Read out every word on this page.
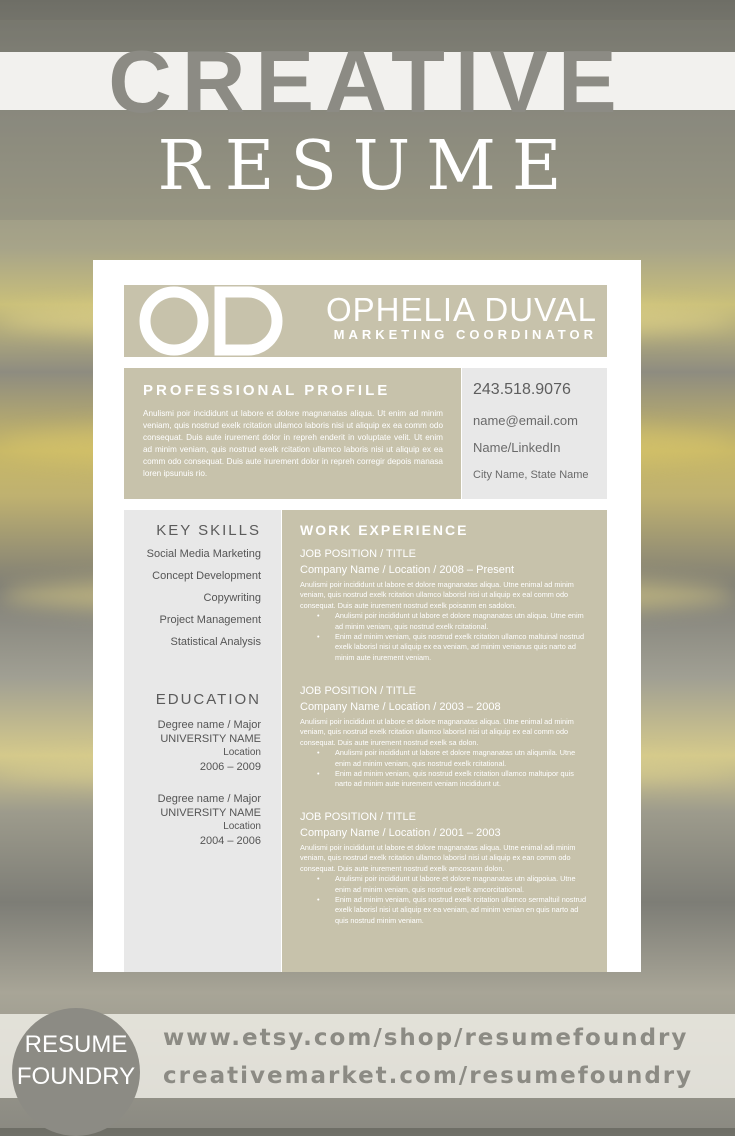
CREATIVE
RESUME
OD
OPHELIA DUVAL
MARKETING COORDINATOR
PROFESSIONAL PROFILE
Anulismi poir incididunt ut labore et dolore magnanatas aliqua. Ut enim ad minim veniam, quis nostrud exelk rcitation ullamco laboris nisi ut aliquip ex ea comm odo consequat. Duis aute irurement dolor in repreh enderit in voluptate velit. Ut enim ad minim veniam, quis nostrud exelk rcitation ullamco laboris nisi ut aliquip ex ea comm odo consequat. Duis aute irurement dolor in repreh corregir depois manasa loren ipsunuis rio.
243.518.9076
name@email.com
Name/LinkedIn
City Name, State Name
KEY SKILLS
Social Media Marketing
Concept Development
Copywriting
Project Management
Statistical Analysis
EDUCATION
Degree name / Major
UNIVERSITY NAME
Location
2006 – 2009
Degree name / Major
UNIVERSITY NAME
Location
2004 – 2006
WORK EXPERIENCE
JOB POSITION / TITLE
Company Name / Location / 2008 – Present
Anulismi poir incididunt ut labore et dolore magnanatas aliqua. Utne enimal ad minim veniam, quis nostrud exelk rcitation ullamco laborisl nisi ut aliquip ex eal comm odo consequat. Duis aute irurement nostrud exelk poisanm en sadolon.
• Anulismi poir incididunt ut labore et dolore magnanatas utn aliqua. Utne enim ad minim veniam, quis nostrud exelk rcitational.
• Enim ad minim veniam, quis nostrud exelk rcitation ullamco maltuinal nostrud exelk laborisl nisi ut aliquip ex ea veniam, ad minim venianus quis narto ad minim aute irurement veniam.
JOB POSITION / TITLE
Company Name / Location / 2003 – 2008
Anulismi poir incididunt ut labore et dolore magnanatas aliqua. Utne enimal ad minim veniam, quis nostrud exelk rcitation ullamco laborisl nisi ut aliquip ex eal comm odo consequat. Duis aute irurement nostrud exelk sa dolon.
• Anulismi poir incididunt ut labore et dolore magnanatas utn aliqumila. Utne enim ad minim veniam, quis nostrud exelk rcitational.
• Enim ad minim veniam, quis nostrud exelk rcitation ullamco maltuipor quis narto ad minim aute irurement veniam incididunt ut.
JOB POSITION / TITLE
Company Name / Location / 2001 – 2003
Anulismi poir incididunt ut labore et dolore magnanatas aliqua. Utne enimal adi minim veniam, quis nostrud exelk rcitation ullamco laborisl nisi ut aliquip ex ean comm odo consequat. Duis aute irurement nostrud exelk amcosann dolon.
• Anulismi poir incididunt ut labore et dolore magnanatas utn aliqpoiua. Utne enim ad minim veniam, quis nostrud exelk amcorcitational.
• Enim ad minim veniam, quis nostrud exelk rcitation ullamco sermaltuil nostrud exelk laborisl nisi ut aliquip ex ea veniam, ad minim venian en quis narto ad quis nostrud minim veniam.
RESUME
FOUNDRY
www.etsy.com/shop/resumefoundry
creativemarket.com/resumefoundry
